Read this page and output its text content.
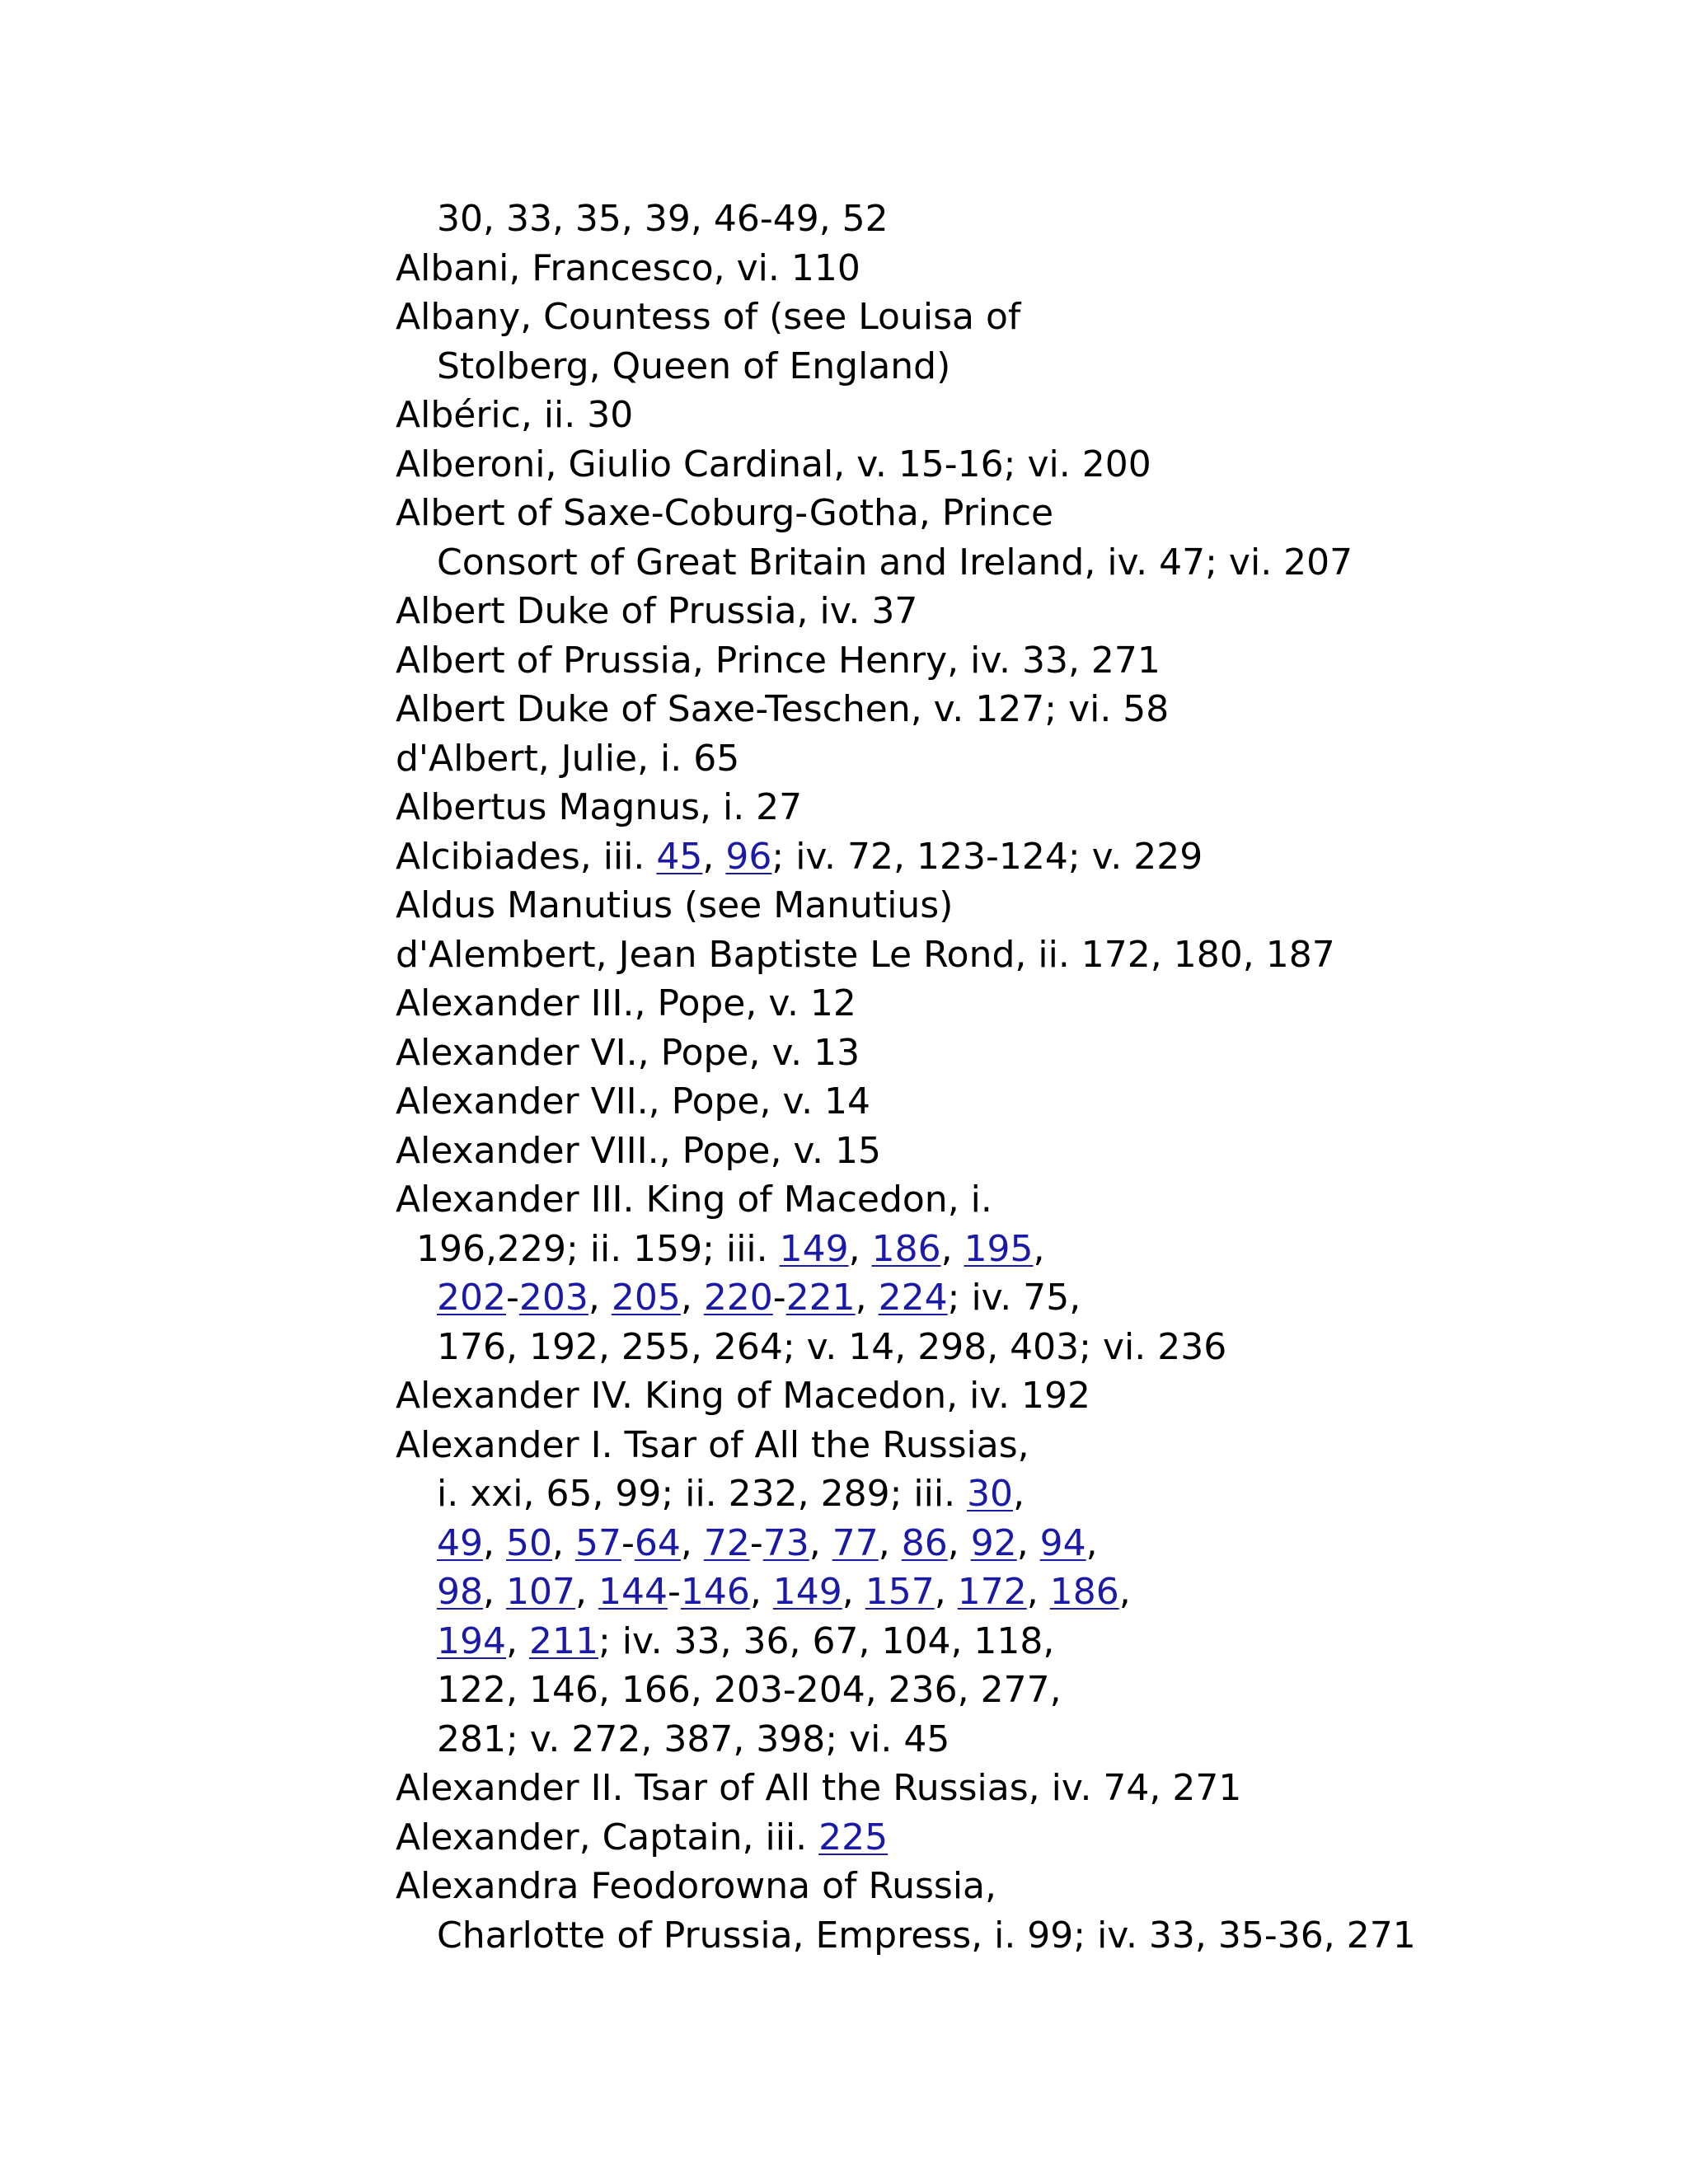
30, 33, 35, 39, 46-49, 52
Albani, Francesco, vi. 110
Albany, Countess of (see Louisa of
Stolberg, Queen of England)
Albéric, ii. 30
Alberoni, Giulio Cardinal, v. 15-16; vi. 200
Albert of Saxe-Coburg-Gotha, Prince
Consort of Great Britain and Ireland, iv. 47; vi. 207
Albert Duke of Prussia, iv. 37
Albert of Prussia, Prince Henry, iv. 33, 271
Albert Duke of Saxe-Teschen, v. 127; vi. 58
d'Albert, Julie, i. 65
Albertus Magnus, i. 27
Alcibiades, iii. 45, 96; iv. 72, 123-124; v. 229
Aldus Manutius (see Manutius)
d'Alembert, Jean Baptiste Le Rond, ii. 172, 180, 187
Alexander III., Pope, v. 12
Alexander VI., Pope, v. 13
Alexander VII., Pope, v. 14
Alexander VIII., Pope, v. 15
Alexander III. King of Macedon, i.
196,229; ii. 159; iii. 149, 186, 195,
202-203, 205, 220-221, 224; iv. 75,
176, 192, 255, 264; v. 14, 298, 403; vi. 236
Alexander IV. King of Macedon, iv. 192
Alexander I. Tsar of All the Russias,
i. xxi, 65, 99; ii. 232, 289; iii. 30,
49, 50, 57-64, 72-73, 77, 86, 92, 94,
98, 107, 144-146, 149, 157, 172, 186,
194, 211; iv. 33, 36, 67, 104, 118,
122, 146, 166, 203-204, 236, 277,
281; v. 272, 387, 398; vi. 45
Alexander II. Tsar of All the Russias, iv. 74, 271
Alexander, Captain, iii. 225
Alexandra Feodorowna of Russia,
Charlotte of Prussia, Empress, i. 99; iv. 33, 35-36, 271
